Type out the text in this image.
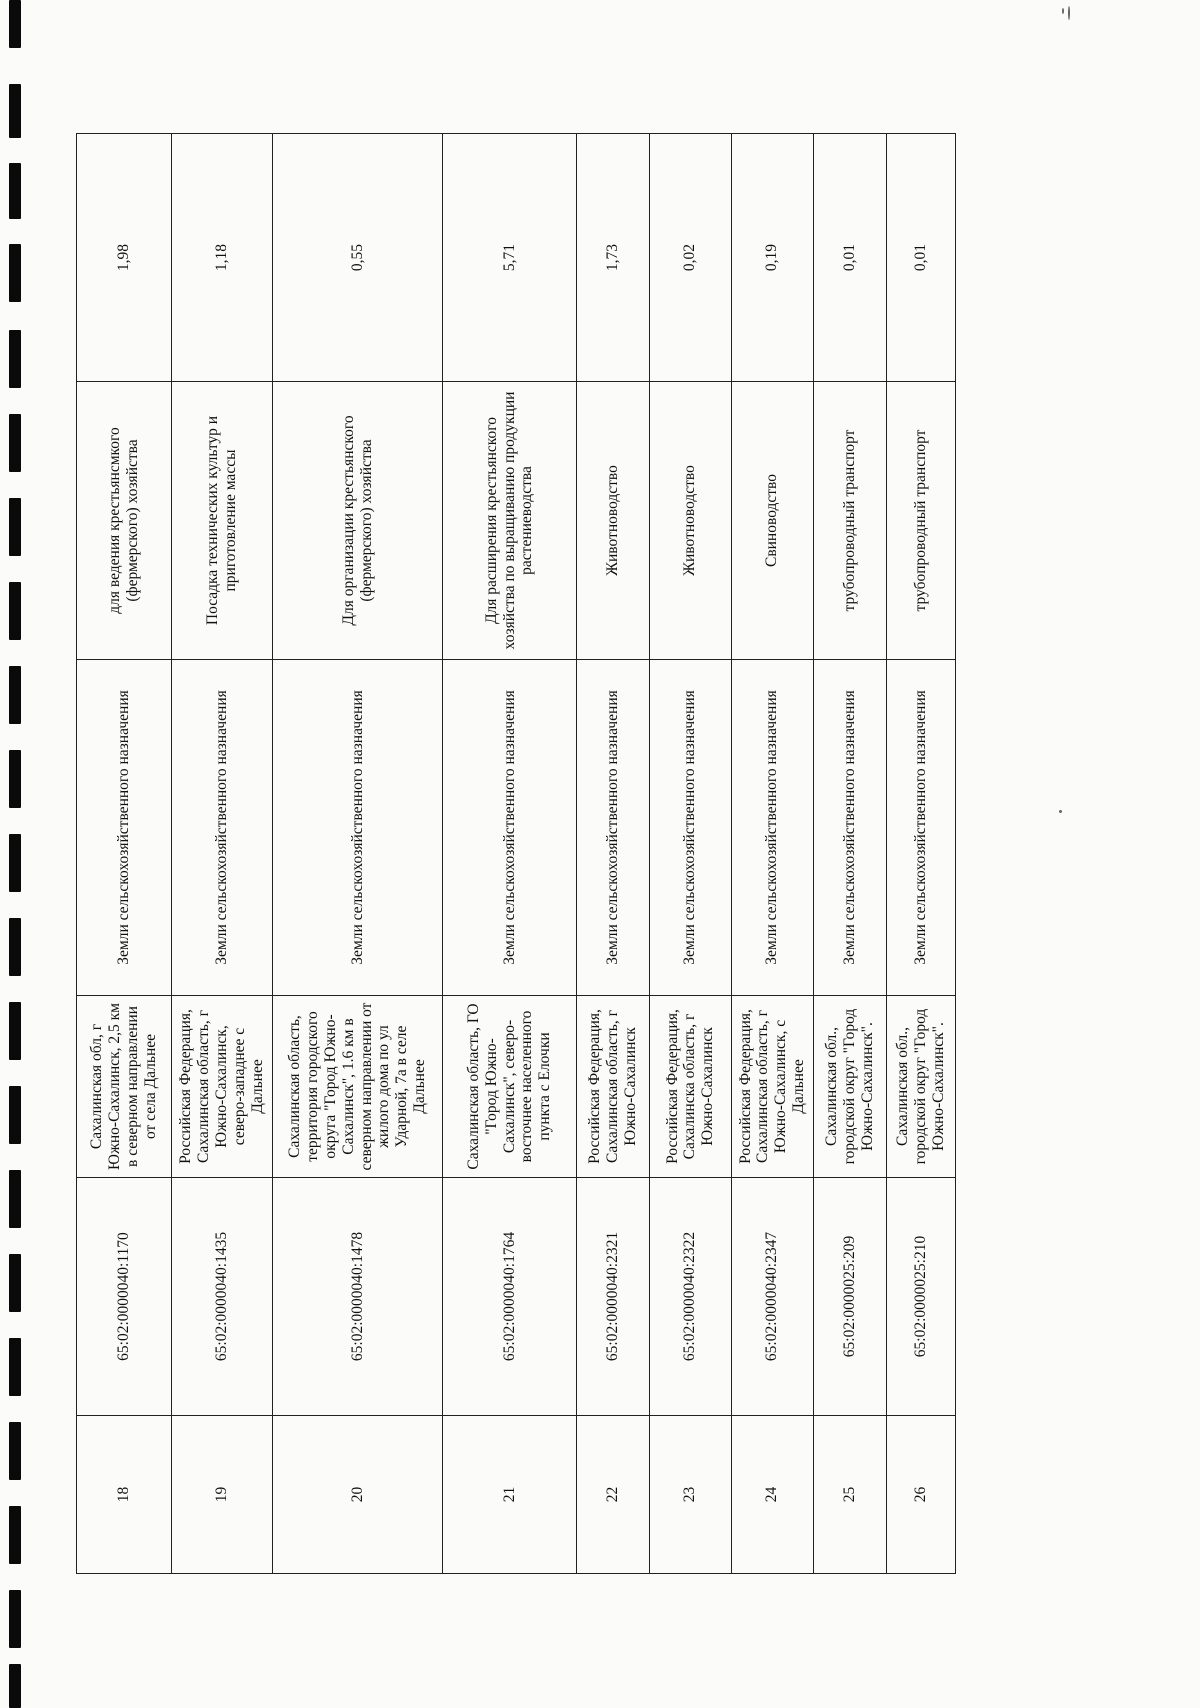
18	65:02:0000040:1170	Сахалинская обл, г Южно-Сахалинск, 2,5 км в северном направлении от села Дальнее	Земли сельскохозяйственного назначения	для ведения крестьянсмкого (фермерского) хозяйства	1,98
19	65:02:0000040:1435	Российская Федерация, Сахалинская область, г Южно-Сахалинск, северо-западнее с Дальнее	Земли сельскохозяйственного назначения	Посадка технических культур и приготовление массы	1,18
20	65:02:0000040:1478	Сахалинская область, территория городского округа "Город Южно-Сахалинск", 1.6 км в северном направлении от жилого дома по ул Ударной, 7а в селе Дальнее	Земли сельскохозяйственного назначения	Для организации крестьянского (фермерского) хозяйства	0,55
21	65:02:0000040:1764	Сахалинская область, ГО "Город Южно-Сахалинск", северо-восточнее населенного пункта с Елочки	Земли сельскохозяйственного назначения	Для расширения крестьянского хозяйства по выращиванию продукции растениеводства	5,71
22	65:02:0000040:2321	Российская Федерация, Сахалинская область, г Южно-Сахалинск	Земли сельскохозяйственного назначения	Животноводство	1,73
23	65:02:0000040:2322	Российская Федерация, Сахалинска область, г Южно-Сахалинск	Земли сельскохозяйственного назначения	Животноводство	0,02
24	65:02:0000040:2347	Российская Федерация, Сахалинская область, г Южно-Сахалинск, с Дальнее	Земли сельскохозяйственного назначения	Свиноводство	0,19
25	65:02:0000025:209	Сахалинская обл., городской округ "Город Южно-Сахалинск".	Земли сельскохозяйственного назначения	трубопроводный транспорт	0,01
26	65:02:0000025:210	Сахалинская обл., городской округ "Город Южно-Сахалинск".	Земли сельскохозяйственного назначения	трубопроводный транспорт	0,01
